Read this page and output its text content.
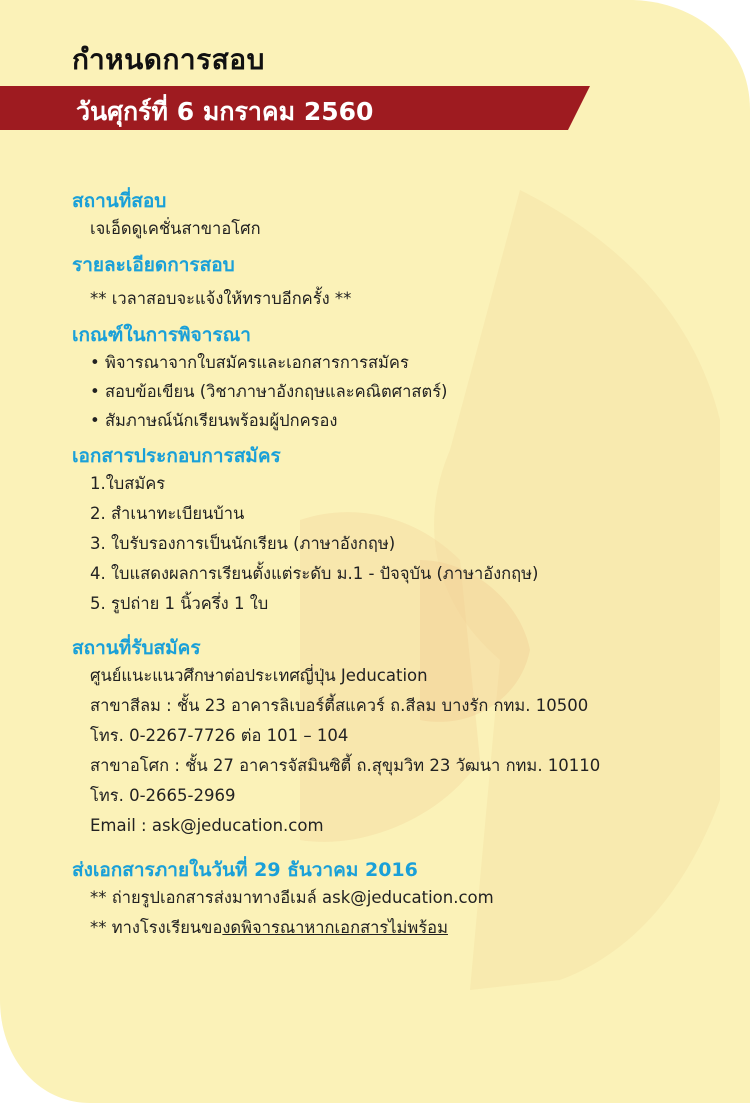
กำหนดการสอบ
วันศุกร์ที่ 6 มกราคม 2560
สถานที่สอบ
เจเอ็ดดูเคชั่นสาขาอโศก
รายละเอียดการสอบ
** เวลาสอบจะแจ้งให้ทราบอีกครั้ง **
เกณฑ์ในการพิจารณา
• พิจารณาจากใบสมัครและเอกสารการสมัคร
• สอบข้อเขียน (วิชาภาษาอังกฤษและคณิตศาสตร์)
• สัมภาษณ์นักเรียนพร้อมผู้ปกครอง
เอกสารประกอบการสมัคร
1.ใบสมัคร
2. สำเนาทะเบียนบ้าน
3. ใบรับรองการเป็นนักเรียน (ภาษาอังกฤษ)
4. ใบแสดงผลการเรียนตั้งแต่ระดับ ม.1 - ปัจจุบัน (ภาษาอังกฤษ)
5. รูปถ่าย 1 นิ้วครึ่ง 1 ใบ
สถานที่รับสมัคร
ศูนย์แนะแนวศึกษาต่อประเทศญี่ปุ่น Jeducation
สาขาสีลม : ชั้น 23 อาคารลิเบอร์ตี้สแควร์ ถ.สีลม บางรัก กทม. 10500
โทร. 0-2267-7726 ต่อ 101 – 104
สาขาอโศก : ชั้น 27 อาคารจัสมินซิตี้ ถ.สุขุมวิท 23 วัฒนา กทม. 10110
โทร. 0-2665-2969
Email : ask@jeducation.com
ส่งเอกสารภายในวันที่ 29 ธันวาคม 2016
** ถ่ายรูปเอกสารส่งมาทางอีเมล์ ask@jeducation.com
** ทางโรงเรียนของดพิจารณาหากเอกสารไม่พร้อม
